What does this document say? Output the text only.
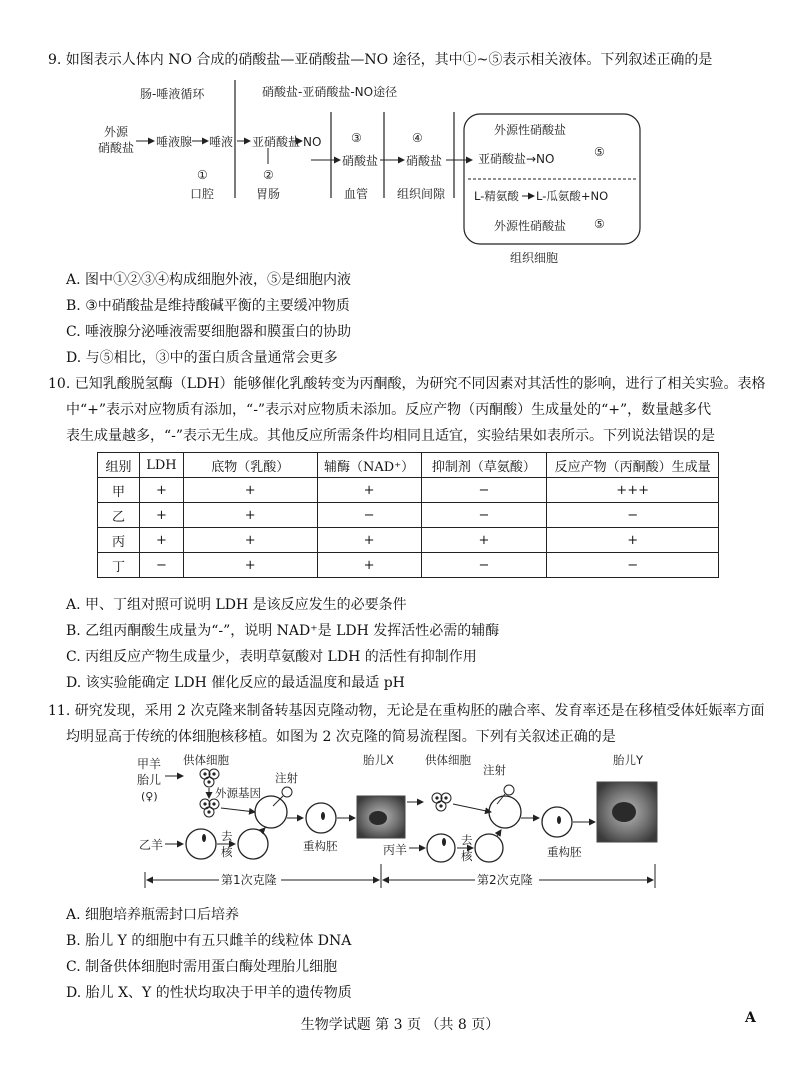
9. 如图表示人体内 NO 合成的硝酸盐—亚硝酸盐—NO 途径，其中①~⑤表示相关液体。下列叙述正确的是
肠-唾液循环	硝酸盐-亚硝酸盐-NO途径
外源
硝酸盐 唾液腺 唾液 亚硝酸盐 NO
①	②
③	④
口腔	胃肠	血管 组织间隙
硝酸盐 硝酸盐
外源性硝酸盐
亚硝酸盐→NO	⑤
L-精氨酸 L-瓜氨酸+NO
外源性硝酸盐 ⑤
组织细胞
A. 图中①②③④构成细胞外液，⑤是细胞内液
B. ③中硝酸盐是维持酸碱平衡的主要缓冲物质
C. 唾液腺分泌唾液需要细胞器和膜蛋白的协助
D. 与⑤相比，③中的蛋白质含量通常会更多
10. 已知乳酸脱氢酶（LDH）能够催化乳酸转变为丙酮酸，为研究不同因素对其活性的影响，进行了相关实验。表格
中“+”表示对应物质有添加，“-”表示对应物质未添加。反应产物（丙酮酸）生成量处的“+”，数量越多代
表生成量越多，“-”表示无生成。其他反应所需条件均相同且适宜，实验结果如表所示。下列说法错误的是
组别	LDH	底物（乳酸）	辅酶（NAD⁺）	抑制剂（草氨酸）	反应产物（丙酮酸）生成量
甲	+	+	+	−	+++
乙	+	+	−	−	−
丙	+	+	+	+	+
丁	−	+	+	−	−
A. 甲、丁组对照可说明 LDH 是该反应发生的必要条件
B. 乙组丙酮酸生成量为“-”，说明 NAD⁺是 LDH 发挥活性必需的辅酶
C. 丙组反应产物生成量少，表明草氨酸对 LDH 的活性有抑制作用
D. 该实验能确定 LDH 催化反应的最适温度和最适 pH
11. 研究发现，采用 2 次克隆来制备转基因克隆动物，无论是在重构胚的融合率、发育率还是在移植受体妊娠率方面
均明显高于传统的体细胞核移植。如图为 2 次克隆的简易流程图。下列有关叙述正确的是
甲羊
胎儿
(♀)
供体细胞
外源基因
注射
乙羊
去
核	重构胚
胎儿X	供体细胞
注射
丙羊
去
核	重构胚
胎儿Y
第1次克隆	第2次克隆
A. 细胞培养瓶需封口后培养
B. 胎儿 Y 的细胞中有五只雌羊的线粒体 DNA
C. 制备供体细胞时需用蛋白酶处理胎儿细胞
D. 胎儿 X、Y 的性状均取决于甲羊的遗传物质
生物学试题 第 3 页 （共 8 页）	A
